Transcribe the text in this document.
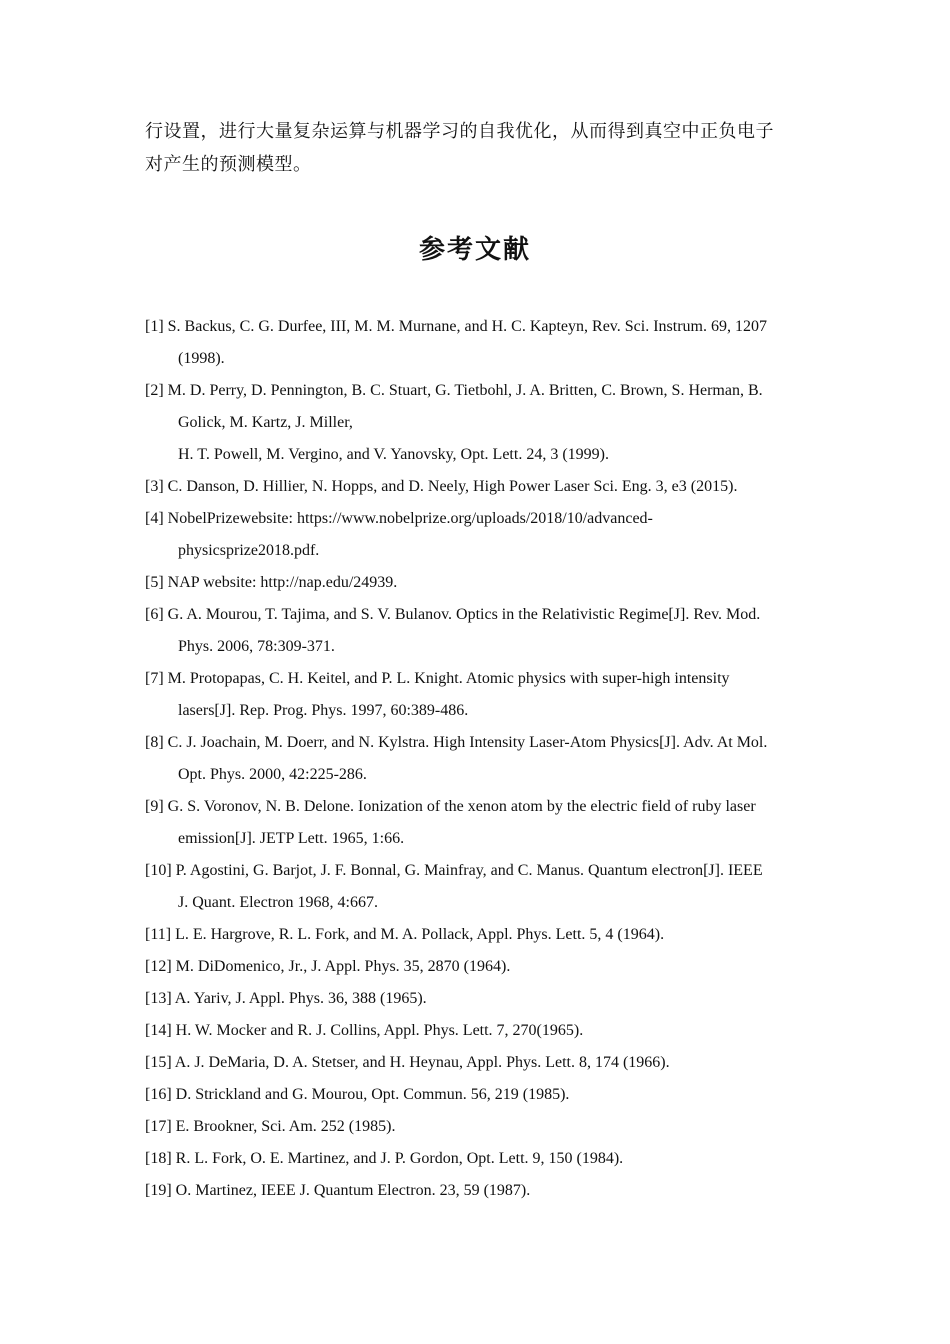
行设置，进行大量复杂运算与机器学习的自我优化，从而得到真空中正负电子

对产生的预测模型。

参考文献
[1] S. Backus, C. G. Durfee, III, M. M. Murnane, and H. C. Kapteyn, Rev. Sci. Instrum. 69, 1207
(1998).
[2] M. D. Perry, D. Pennington, B. C. Stuart, G. Tietbohl, J. A. Britten, C. Brown, S. Herman, B.
Golick, M. Kartz, J. Miller,
H. T. Powell, M. Vergino, and V. Yanovsky, Opt. Lett. 24, 3 (1999).
[3] C. Danson, D. Hillier, N. Hopps, and D. Neely, High Power Laser Sci. Eng. 3, e3 (2015).
[4] NobelPrizewebsite: https://www.nobelprize.org/uploads/2018/10/advanced-
physicsprize2018.pdf.
[5] NAP website: http://nap.edu/24939.
[6] G. A. Mourou, T. Tajima, and S. V. Bulanov. Optics in the Relativistic Regime[J]. Rev. Mod.
Phys. 2006, 78:309-371.
[7] M. Protopapas, C. H. Keitel, and P. L. Knight. Atomic physics with super-high intensity
lasers[J]. Rep. Prog. Phys. 1997, 60:389-486.
[8] C. J. Joachain, M. Doerr, and N. Kylstra. High Intensity Laser-Atom Physics[J]. Adv. At Mol.
Opt. Phys. 2000, 42:225-286.
[9] G. S. Voronov, N. B. Delone. Ionization of the xenon atom by the electric field of ruby laser
emission[J]. JETP Lett. 1965, 1:66.
[10] P. Agostini, G. Barjot, J. F. Bonnal, G. Mainfray, and C. Manus. Quantum electron[J]. IEEE
J. Quant. Electron 1968, 4:667.
[11] L. E. Hargrove, R. L. Fork, and M. A. Pollack, Appl. Phys. Lett. 5, 4 (1964).
[12] M. DiDomenico, Jr., J. Appl. Phys. 35, 2870 (1964).
[13] A. Yariv, J. Appl. Phys. 36, 388 (1965).
[14] H. W. Mocker and R. J. Collins, Appl. Phys. Lett. 7, 270(1965).
[15] A. J. DeMaria, D. A. Stetser, and H. Heynau, Appl. Phys. Lett. 8, 174 (1966).
[16] D. Strickland and G. Mourou, Opt. Commun. 56, 219 (1985).
[17] E. Brookner, Sci. Am. 252 (1985).
[18] R. L. Fork, O. E. Martinez, and J. P. Gordon, Opt. Lett. 9, 150 (1984).
[19] O. Martinez, IEEE J. Quantum Electron. 23, 59 (1987).
